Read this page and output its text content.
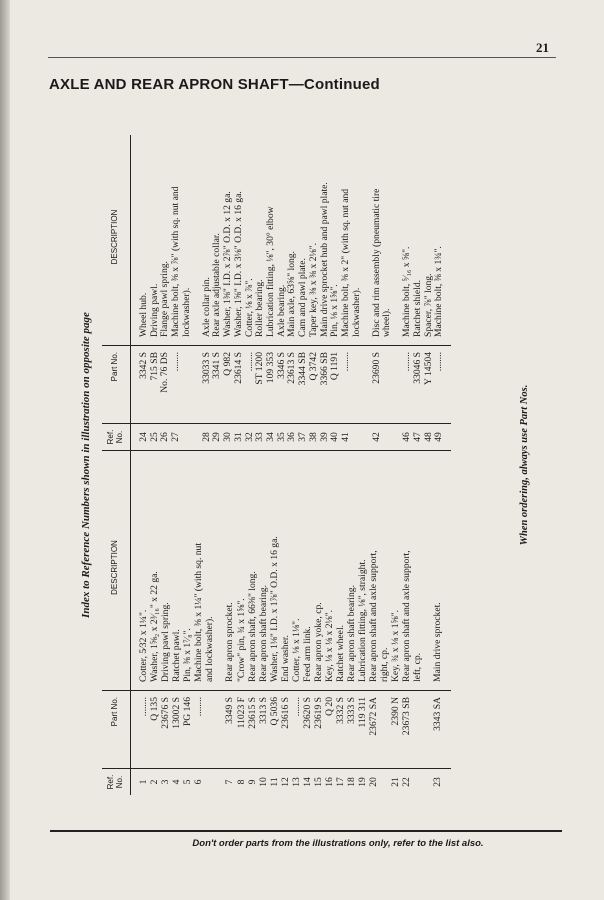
21
AXLE AND REAR APRON SHAFT—Continued
Index to Reference Numbers shown in illustration on opposite page
Ref. No.	Part No.	DESCRIPTION
1	........	Cotter, 5⁄32 x 1¼".
2	Q 135	Washer, 1⅝₂ x 2³⁄₁₆" x 22 ga.
3	23676 S	Driving pawl spring.
4	13002 S	Ratchet pawl.
5	PG 146	Pin, ⅜ x 1⁷⁄₈".
6	........	Machine bolt, ⅜ x 1¼" (with sq. nut
		and lockwasher).
7	3349 S	Rear apron sprocket.
8	11023 F	"Crow" pin, ¾ x 1⅝".
9	23615 S	Rear apron shaft, 66⅜" long.
10	3313 S	Rear apron shaft bearing.
11	Q 5036	Washer, 1⅛" I.D. x 1⅞" O.D. x 16 ga.
12	23616 S	End washer.
13	........	Cotter, ⅛ x 1⅛".
14	23620 S	Feed arm link.
15	23619 S	Rear apron yoke, cp.
16	Q 20	Key, ⅛ x ⅛ x 2⅛".
17	3332 S	Ratchet wheel.
18	3333 S	Rear apron shaft bearing.
19	119 311	Lubrication fitting, ⅛", straight.
20	23672 SA	Rear apron shaft and axle support,
		right, cp.
21	2390 N	Key, ¾ x ⅛ x 1⅝".
22	23673 SB	Rear apron shaft and axle support,
		left, cp.
23	3343 SA	Main drive sprocket.
Ref. No.	Part No.	DESCRIPTION
24	3342 S	Wheel hub.
25	715 SB	Driving pawl.
26	No. 76 DS	Flange pawl spring.
27	........	Machine bolt, ⅜ x ⅞" (with sq. nut and
		lockwasher).
28	33033 S	Axle collar pin.
29	3341 S	Rear axle adjustable collar.
30	Q 982	Washer, 1⅜" I.D. x 2⅞" O.D. x 12 ga.
31	23614 S	Washer, 1⅝" I.D. x 3⅛" O.D. x 16 ga.
32	........	Cotter, ⅛ x ⅞".
33	ST 1200	Roller bearing.
34	109 353	Lubrication fitting, ⅛", 30° elbow
35	3346 S	Axle bearing.
36	23613 S	Main axle, 63⅝" long.
37	3344 SB	Cam and pawl plate.
38	Q 3742	Taper key, ⅜ x ⅜ x 2⅛".
39	3366 SB	Main drive sprocket hub and pawl plate.
40	Q 1191	Pin, ⅛ x 1⅝".
41	........	Machine bolt, ⅜ x 2" (with sq. nut and
		lockwasher).
42	23690 S	Disc and rim assembly (pneumatic tire
		wheel).
46	........	Machine bolt, ⁵⁄₁₆ x ⅝".
47	33046 S	Ratchet shield.
48	Y 14504	Spacer, ⅞" long.
49	........	Machine bolt, ⅜ x 1¾".
When ordering, always use Part Nos.
Don't order parts from the illustrations only, refer to the list also.
